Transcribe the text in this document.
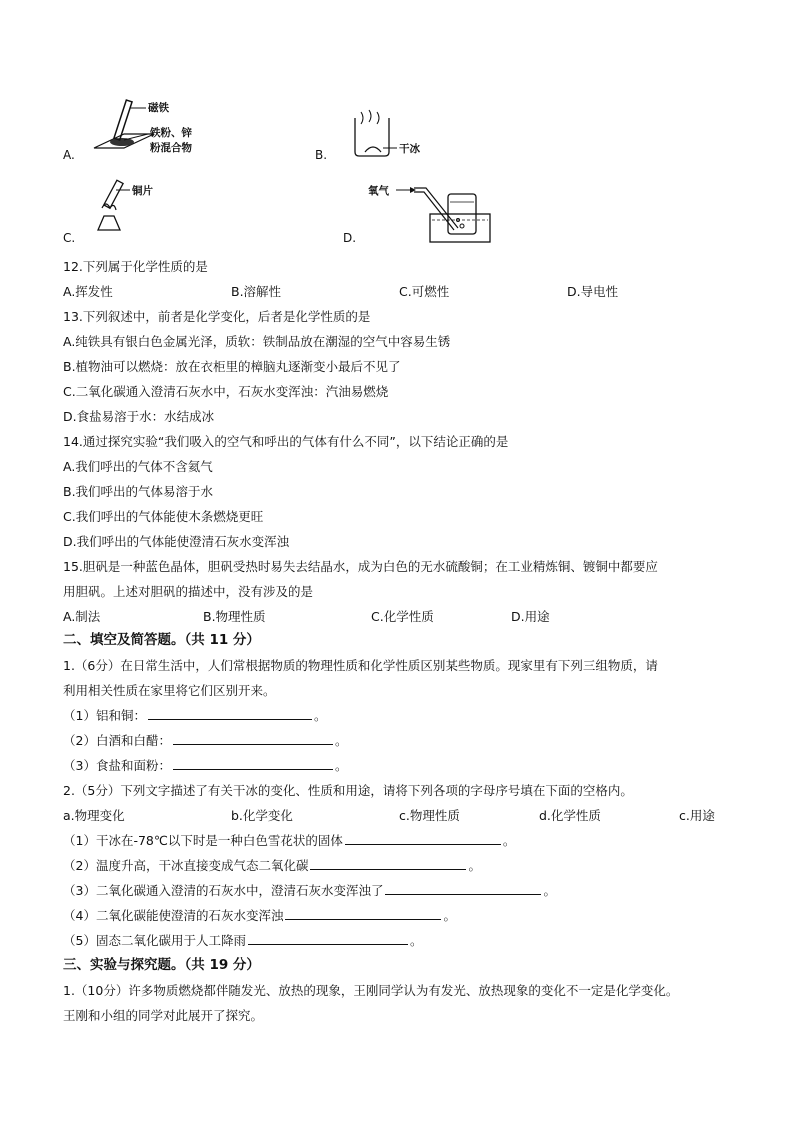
磁铁
铁粉、锌
粉混合物
A.	干冰
B.
铜片
C.
氧气
D.
12.下列属于化学性质的是
A.挥发性	B.溶解性	C.可燃性	D.导电性
13.下列叙述中，前者是化学变化，后者是化学性质的是
A.纯铁具有银白色金属光泽，质软：铁制品放在潮湿的空气中容易生锈
B.植物油可以燃烧：放在衣柜里的樟脑丸逐渐变小最后不见了
C.二氧化碳通入澄清石灰水中，石灰水变浑浊：汽油易燃烧
D.食盐易溶于水：水结成冰
14.通过探究实验“我们吸入的空气和呼出的气体有什么不同”，以下结论正确的是
A.我们呼出的气体不含氦气
B.我们呼出的气体易溶于水
C.我们呼出的气体能使木条燃烧更旺
D.我们呼出的气体能使澄清石灰水变浑浊
15.胆矾是一种蓝色晶体，胆矾受热时易失去结晶水，成为白色的无水硫酸铜；在工业精炼铜、镀铜中都要应
用胆矾。上述对胆矾的描述中，没有涉及的是
A.制法	B.物理性质	C.化学性质	D.用途
二、填空及简答题。（共 11 分）
1.（6分）在日常生活中，人们常根据物质的物理性质和化学性质区别某些物质。现家里有下列三组物质，请
利用相关性质在家里将它们区别开来。
（1）铝和铜：	。
（2）白酒和白醋：	。
（3）食盐和面粉：	。
2.（5分）下列文字描述了有关干冰的变化、性质和用途，请将下列各项的字母序号填在下面的空格内。
a.物理变化	b.化学变化	c.物理性质	d.化学性质	c.用途
（1）干冰在-78℃以下时是一种白色雪花状的固体	。
（2）温度升高，干冰直接变成气态二氧化碳	。
（3）二氧化碳通入澄清的石灰水中，澄清石灰水变浑浊了	。
（4）二氧化碳能使澄清的石灰水变浑浊	。
（5）固态二氧化碳用于人工降雨	。
三、实验与探究题。（共 19 分）
1.（10分）许多物质燃烧都伴随发光、放热的现象，王刚同学认为有发光、放热现象的变化不一定是化学变化。
王刚和小组的同学对此展开了探究。
